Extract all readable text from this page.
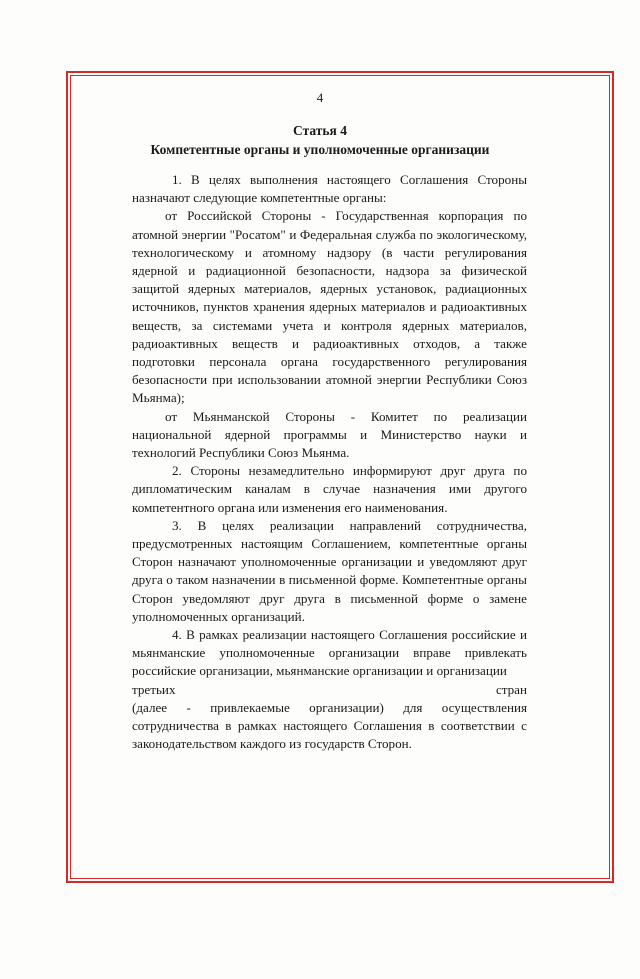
4
Статья 4
Компетентные органы и уполномоченные организации

1. В целях выполнения настоящего Соглашения Стороны назначают следующие компетентные органы:

от Российской Стороны - Государственная корпорация по атомной энергии "Росатом" и Федеральная служба по экологическому, технологическому и атомному надзору (в части регулирования ядерной и радиационной безопасности, надзора за физической защитой ядерных материалов, ядерных установок, радиационных источников, пунктов хранения ядерных материалов и радиоактивных веществ, за системами учета и контроля ядерных материалов, радиоактивных веществ и радиоактивных отходов, а также подготовки персонала органа государственного регулирования безопасности при использовании атомной энергии Республики Союз Мьянма);

от Мьянманской Стороны - Комитет по реализации национальной ядерной программы и Министерство науки и технологий Республики Союз Мьянма.

2. Стороны незамедлительно информируют друг друга по дипломатическим каналам в случае назначения ими другого компетентного органа или изменения его наименования.

3. В целях реализации направлений сотрудничества, предусмотренных настоящим Соглашением, компетентные органы Сторон назначают уполномоченные организации и уведомляют друг друга о таком назначении в письменной форме. Компетентные органы Сторон уведомляют друг друга в письменной форме о замене уполномоченных организаций.

4. В рамках реализации настоящего Соглашения российские и мьянманские уполномоченные организации вправе привлекать российские организации, мьянманские организации и организации

третьих	стран

(далее - привлекаемые организации) для осуществления сотрудничества в рамках настоящего Соглашения в соответствии с законодательством каждого из государств Сторон.
